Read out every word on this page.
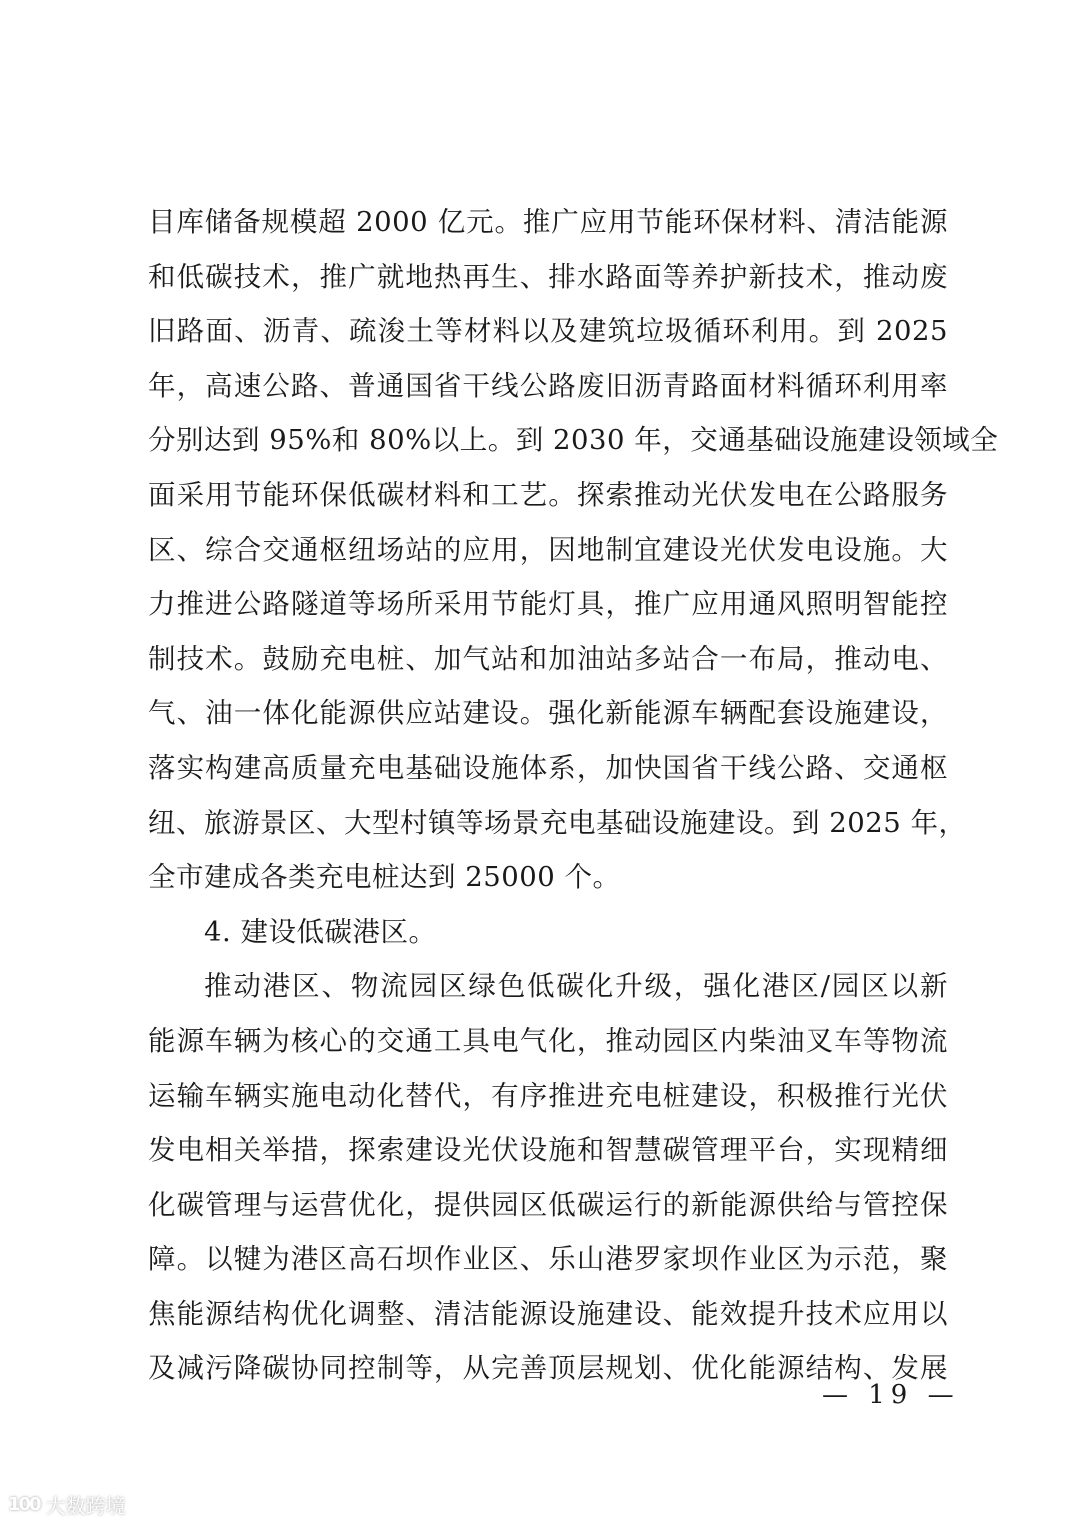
目库储备规模超 2000 亿元。推广应用节能环保材料、清洁能源
和低碳技术，推广就地热再生、排水路面等养护新技术，推动废
旧路面、沥青、疏浚土等材料以及建筑垃圾循环利用。到 2025
年，高速公路、普通国省干线公路废旧沥青路面材料循环利用率
分别达到 95%和 80%以上。到 2030 年，交通基础设施建设领域全
面采用节能环保低碳材料和工艺。探索推动光伏发电在公路服务
区、综合交通枢纽场站的应用，因地制宜建设光伏发电设施。大
力推进公路隧道等场所采用节能灯具，推广应用通风照明智能控
制技术。鼓励充电桩、加气站和加油站多站合一布局，推动电、
气、油一体化能源供应站建设。强化新能源车辆配套设施建设，
落实构建高质量充电基础设施体系，加快国省干线公路、交通枢
纽、旅游景区、大型村镇等场景充电基础设施建设。到 2025 年，
全市建成各类充电桩达到 25000 个。
4. 建设低碳港区。
推动港区、物流园区绿色低碳化升级，强化港区/园区以新
能源车辆为核心的交通工具电气化，推动园区内柴油叉车等物流
运输车辆实施电动化替代，有序推进充电桩建设，积极推行光伏
发电相关举措，探索建设光伏设施和智慧碳管理平台，实现精细
化碳管理与运营优化，提供园区低碳运行的新能源供给与管控保
障。以犍为港区高石坝作业区、乐山港罗家坝作业区为示范，聚
焦能源结构优化调整、清洁能源设施建设、能效提升技术应用以
及减污降碳协同控制等，从完善顶层规划、优化能源结构、发展
— 19 —
100 大数跨境
